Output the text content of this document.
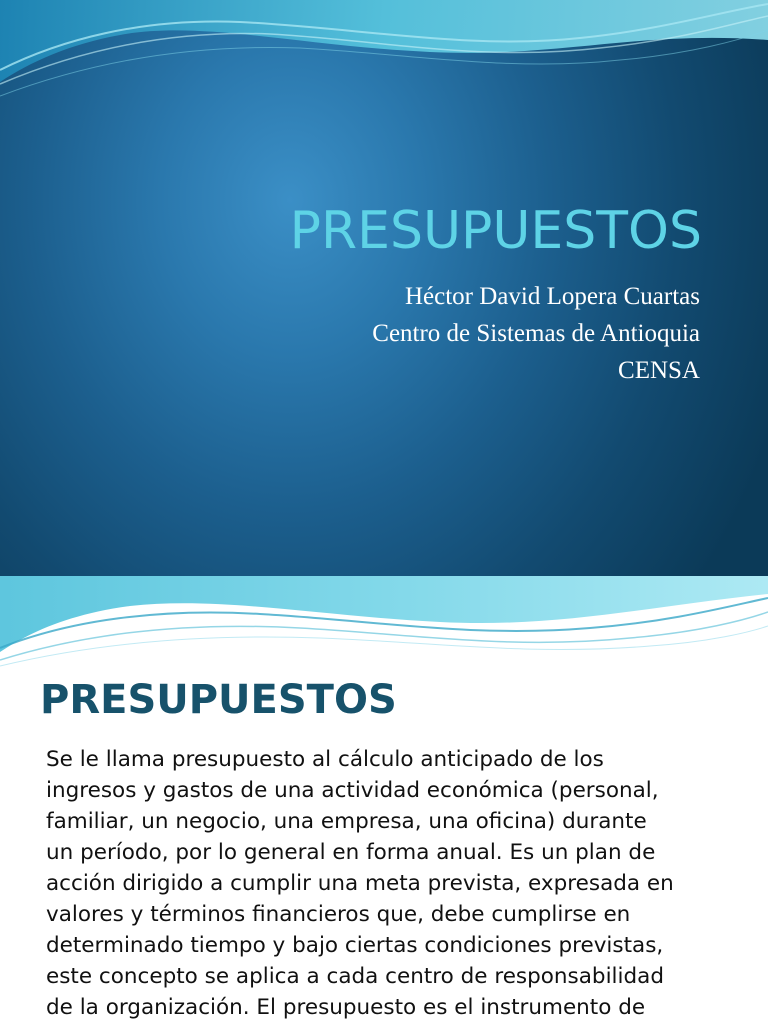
PRESUPUESTOS
Héctor David Lopera Cuartas
Centro de Sistemas de Antioquia
CENSA
PRESUPUESTOS

Se le llama presupuesto al cálculo anticipado de los
ingresos y gastos de una actividad económica (personal,
familiar, un negocio, una empresa, una oficina) durante
un período, por lo general en forma anual. Es un plan de
acción dirigido a cumplir una meta prevista, expresada en
valores y términos financieros que, debe cumplirse en
determinado tiempo y bajo ciertas condiciones previstas,
este concepto se aplica a cada centro de responsabilidad
de la organización. El presupuesto es el instrumento de
